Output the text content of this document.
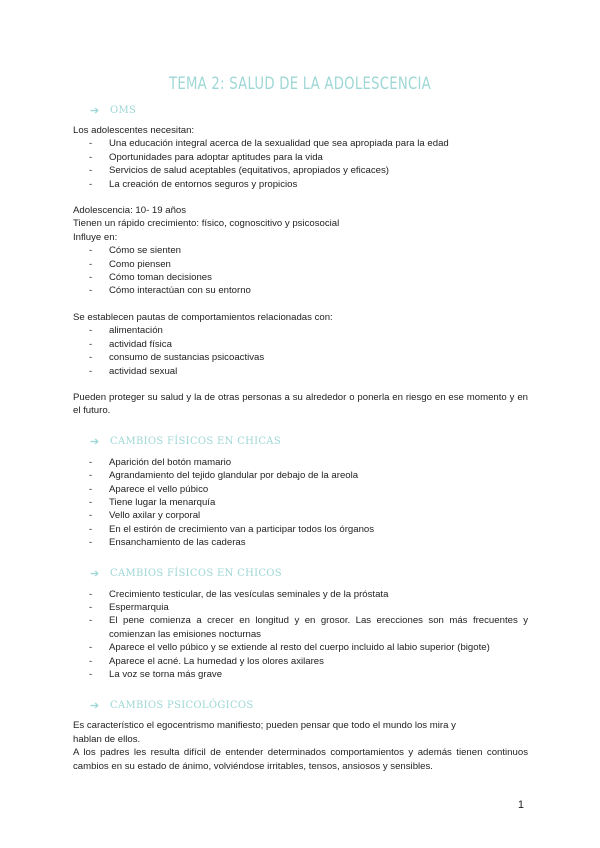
TEMA 2: SALUD DE LA ADOLESCENCIA
➔	OMS

Los adolescentes necesitan:

- Una educación integral acerca de la sexualidad que sea apropiada para la edad
- Oportunidades para adoptar aptitudes para la vida
- Servicios de salud aceptables (equitativos, apropiados y eficaces)
- La creación de entornos seguros y propicios

Adolescencia: 10- 19 años

Tienen un rápido crecimiento: físico, cognoscitivo y psicosocial

Influye en:

- Cómo se sienten
- Como piensen
- Cómo toman decisiones
- Cómo interactúan con su entorno

Se establecen pautas de comportamientos relacionadas con:

- alimentación
- actividad física
- consumo de sustancias psicoactivas
- actividad sexual

Pueden proteger su salud y la de otras personas a su alrededor o ponerla en riesgo en ese momento y en el futuro.

➔	CAMBIOS FÍSICOS EN CHICAS
- Aparición del botón mamario
- Agrandamiento del tejido glandular por debajo de la areola
- Aparece el vello púbico
- Tiene lugar la menarquía
- Vello axilar y corporal
- En el estirón de crecimiento van a participar todos los órganos
- Ensanchamiento de las caderas
➔	CAMBIOS FÍSICOS EN CHICOS
- Crecimiento testicular, de las vesículas seminales y de la próstata
- Espermarquia
- El pene comienza a crecer en longitud y en grosor. Las erecciones son más frecuentes y comienzan las emisiones nocturnas
- Aparece el vello púbico y se extiende al resto del cuerpo incluido al labio superior (bigote)
- Aparece el acné. La humedad y los olores axilares
- La voz se torna más grave
➔	CAMBIOS PSICOLÓGICOS

Es característico el egocentrismo manifiesto; pueden pensar que todo el mundo los mira y hablan de ellos.

A los padres les resulta difícil de entender determinados comportamientos y además tienen continuos cambios en su estado de ánimo, volviéndose irritables, tensos, ansiosos y sensibles.

1
